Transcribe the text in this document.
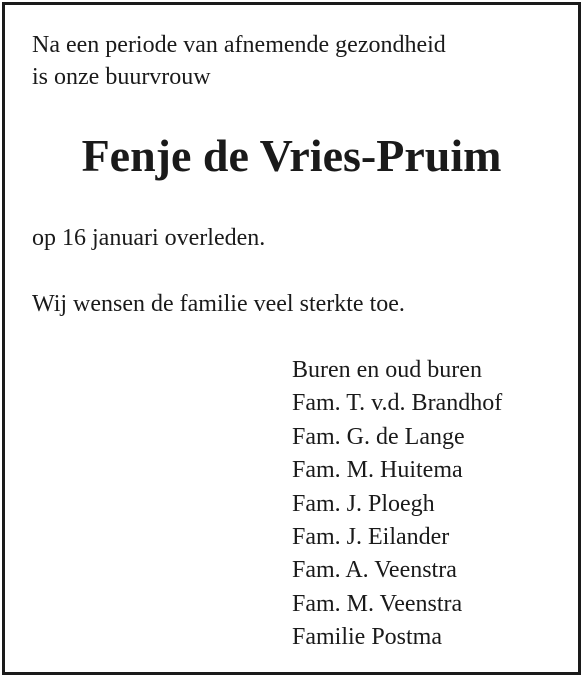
Na een periode van afnemende gezondheid
is onze buurvrouw
Fenje de Vries-Pruim
op 16 januari overleden.
Wij wensen de familie veel sterkte toe.
Buren en oud buren
Fam. T. v.d. Brandhof
Fam. G. de Lange
Fam. M. Huitema
Fam. J. Ploegh
Fam. J. Eilander
Fam. A. Veenstra
Fam. M. Veenstra
Familie Postma
